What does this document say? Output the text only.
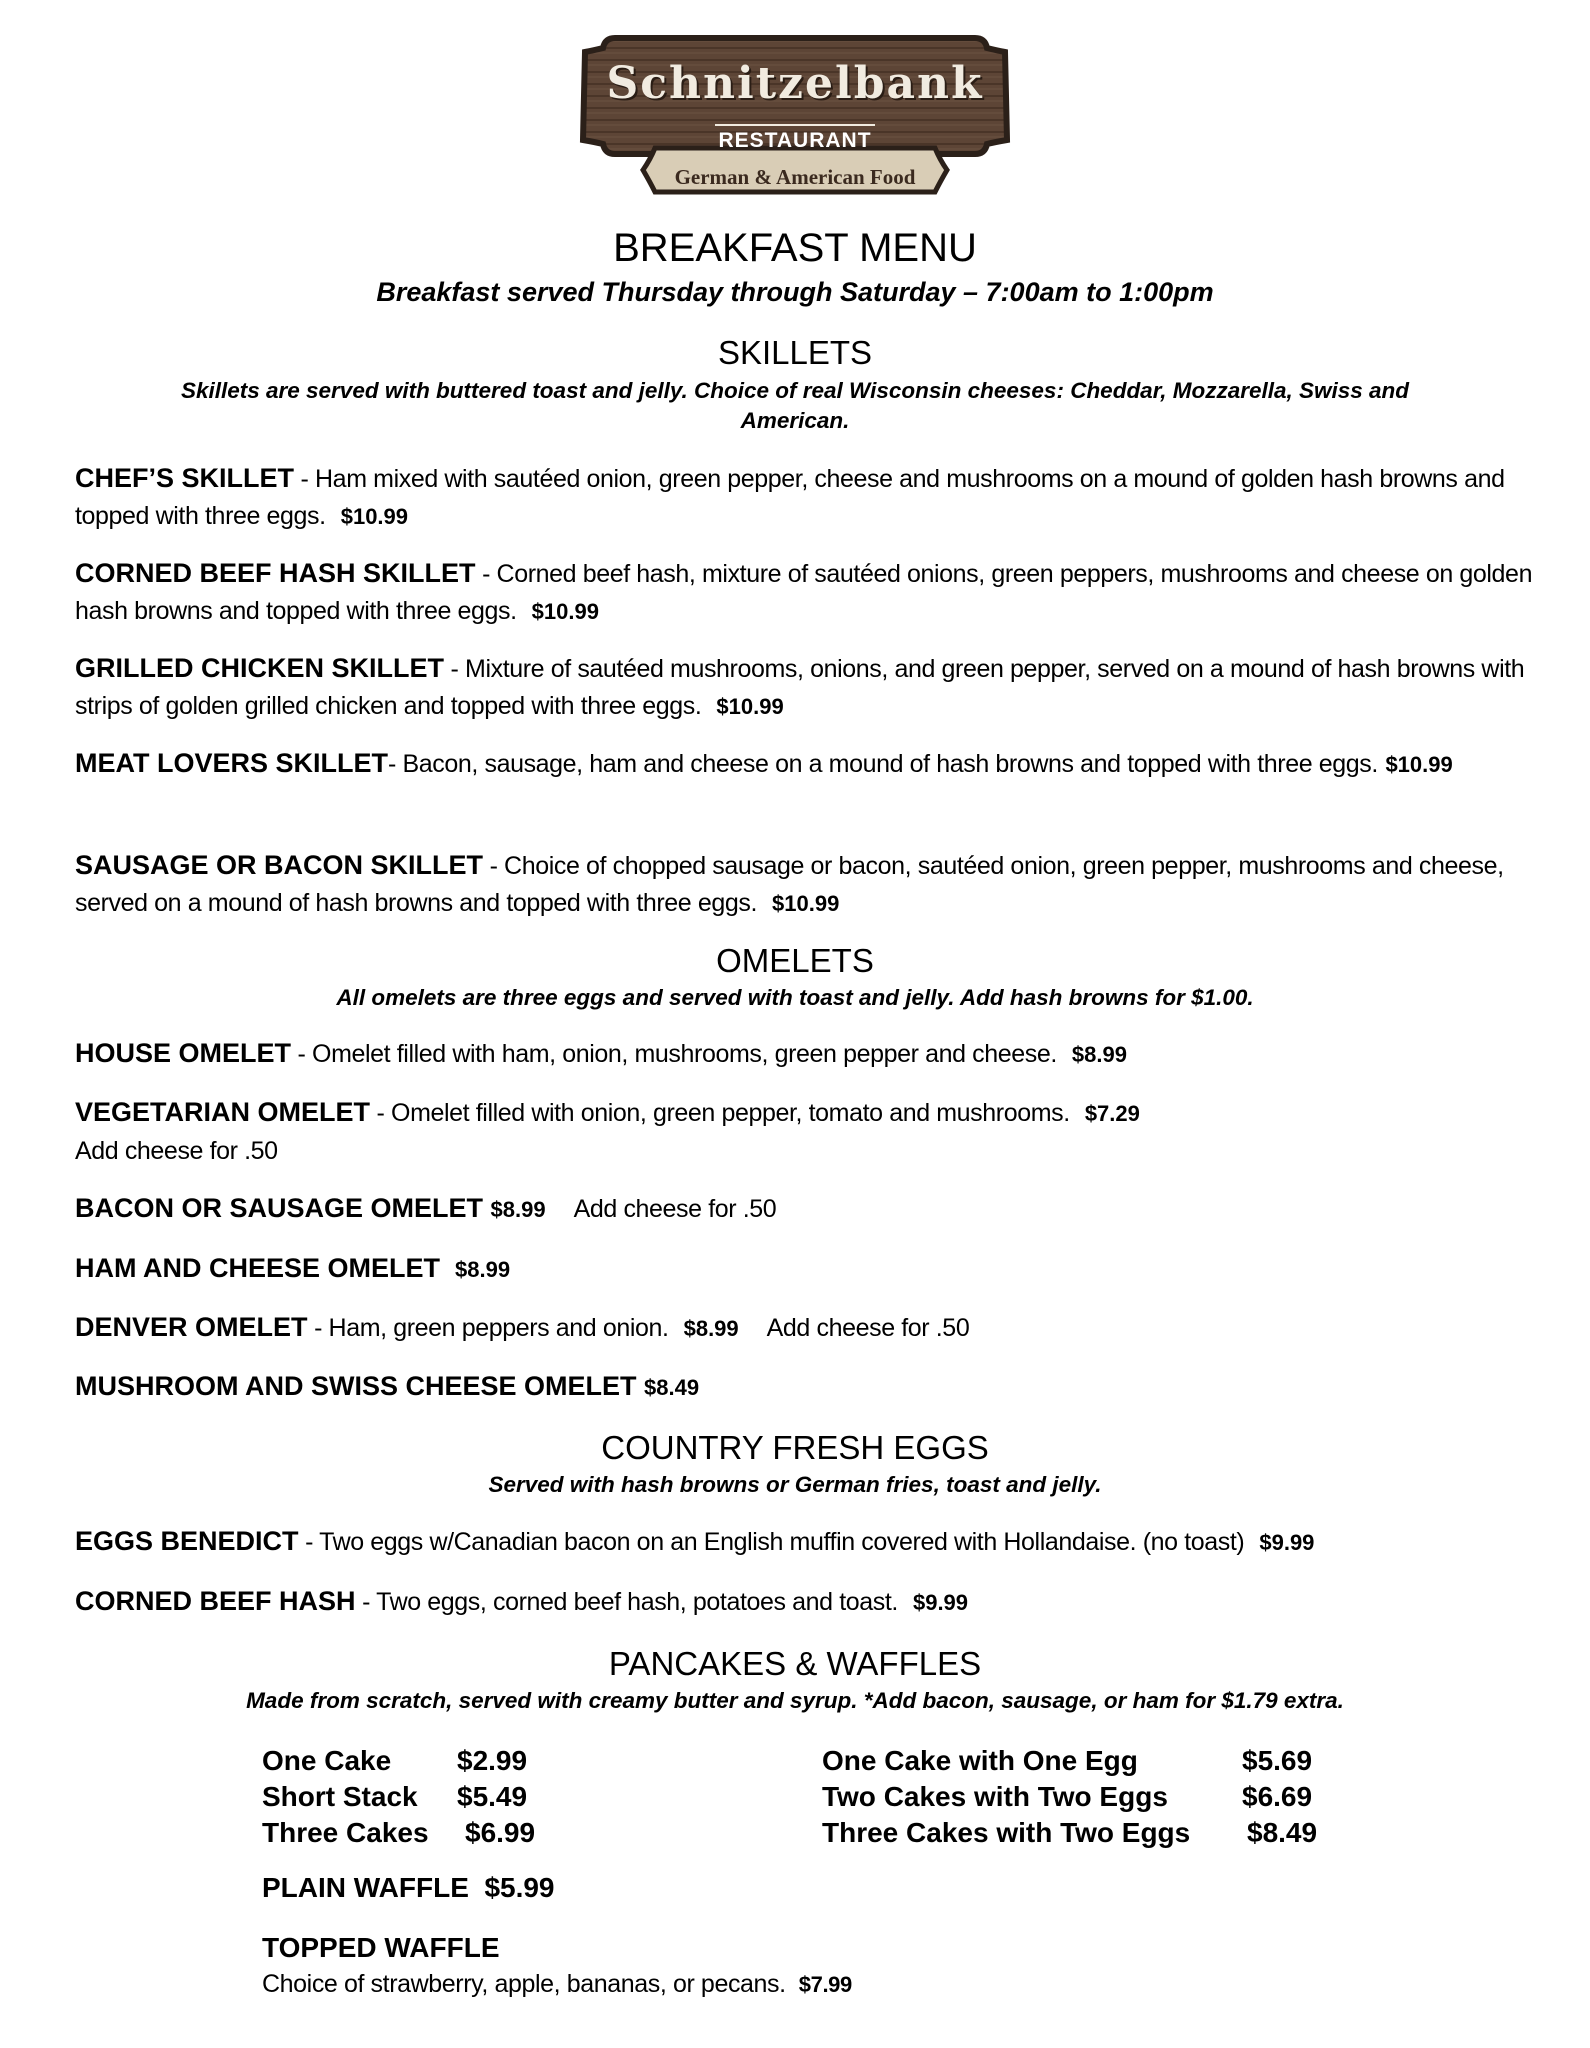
Schnitzelbank
RESTAURANT
German & American Food
BREAKFAST MENU
Breakfast served Thursday through Saturday – 7:00am to 1:00pm
SKILLETS
Skillets are served with buttered toast and jelly. Choice of real Wisconsin cheeses: Cheddar, Mozzarella, Swiss and
American.
CHEF’S SKILLET - Ham mixed with sautéed onion, green pepper, cheese and mushrooms on a mound of golden hash browns and topped with three eggs. $10.99
CORNED BEEF HASH SKILLET - Corned beef hash, mixture of sautéed onions, green peppers, mushrooms and cheese on golden hash browns and topped with three eggs. $10.99
GRILLED CHICKEN SKILLET - Mixture of sautéed mushrooms, onions, and green pepper, served on a mound of hash browns with strips of golden grilled chicken and topped with three eggs. $10.99
MEAT LOVERS SKILLET- Bacon, sausage, ham and cheese on a mound of hash browns and topped with three eggs. $10.99
SAUSAGE OR BACON SKILLET - Choice of chopped sausage or bacon, sautéed onion, green pepper, mushrooms and cheese, served on a mound of hash browns and topped with three eggs. $10.99
OMELETS
All omelets are three eggs and served with toast and jelly. Add hash browns for $1.00.
HOUSE OMELET - Omelet filled with ham, onion, mushrooms, green pepper and cheese. $8.99
VEGETARIAN OMELET - Omelet filled with onion, green pepper, tomato and mushrooms. $7.29
Add cheese for .50
BACON OR SAUSAGE OMELET $8.99 Add cheese for .50
HAM AND CHEESE OMELET $8.99
DENVER OMELET - Ham, green peppers and onion. $8.99 Add cheese for .50
MUSHROOM AND SWISS CHEESE OMELET $8.49
COUNTRY FRESH EGGS
Served with hash browns or German fries, toast and jelly.
EGGS BENEDICT - Two eggs w/Canadian bacon on an English muffin covered with Hollandaise. (no toast) $9.99
CORNED BEEF HASH - Two eggs, corned beef hash, potatoes and toast. $9.99
PANCAKES & WAFFLES
Made from scratch, served with creamy butter and syrup. *Add bacon, sausage, or ham for $1.79 extra.
One Cake $2.99
Short Stack $5.49
Three Cakes $6.99
One Cake with One Egg	$5.69
Two Cakes with Two Eggs	$6.69
Three Cakes with Two Eggs $8.49
PLAIN WAFFLE $5.99
TOPPED WAFFLE
Choice of strawberry, apple, bananas, or pecans. $7.99
